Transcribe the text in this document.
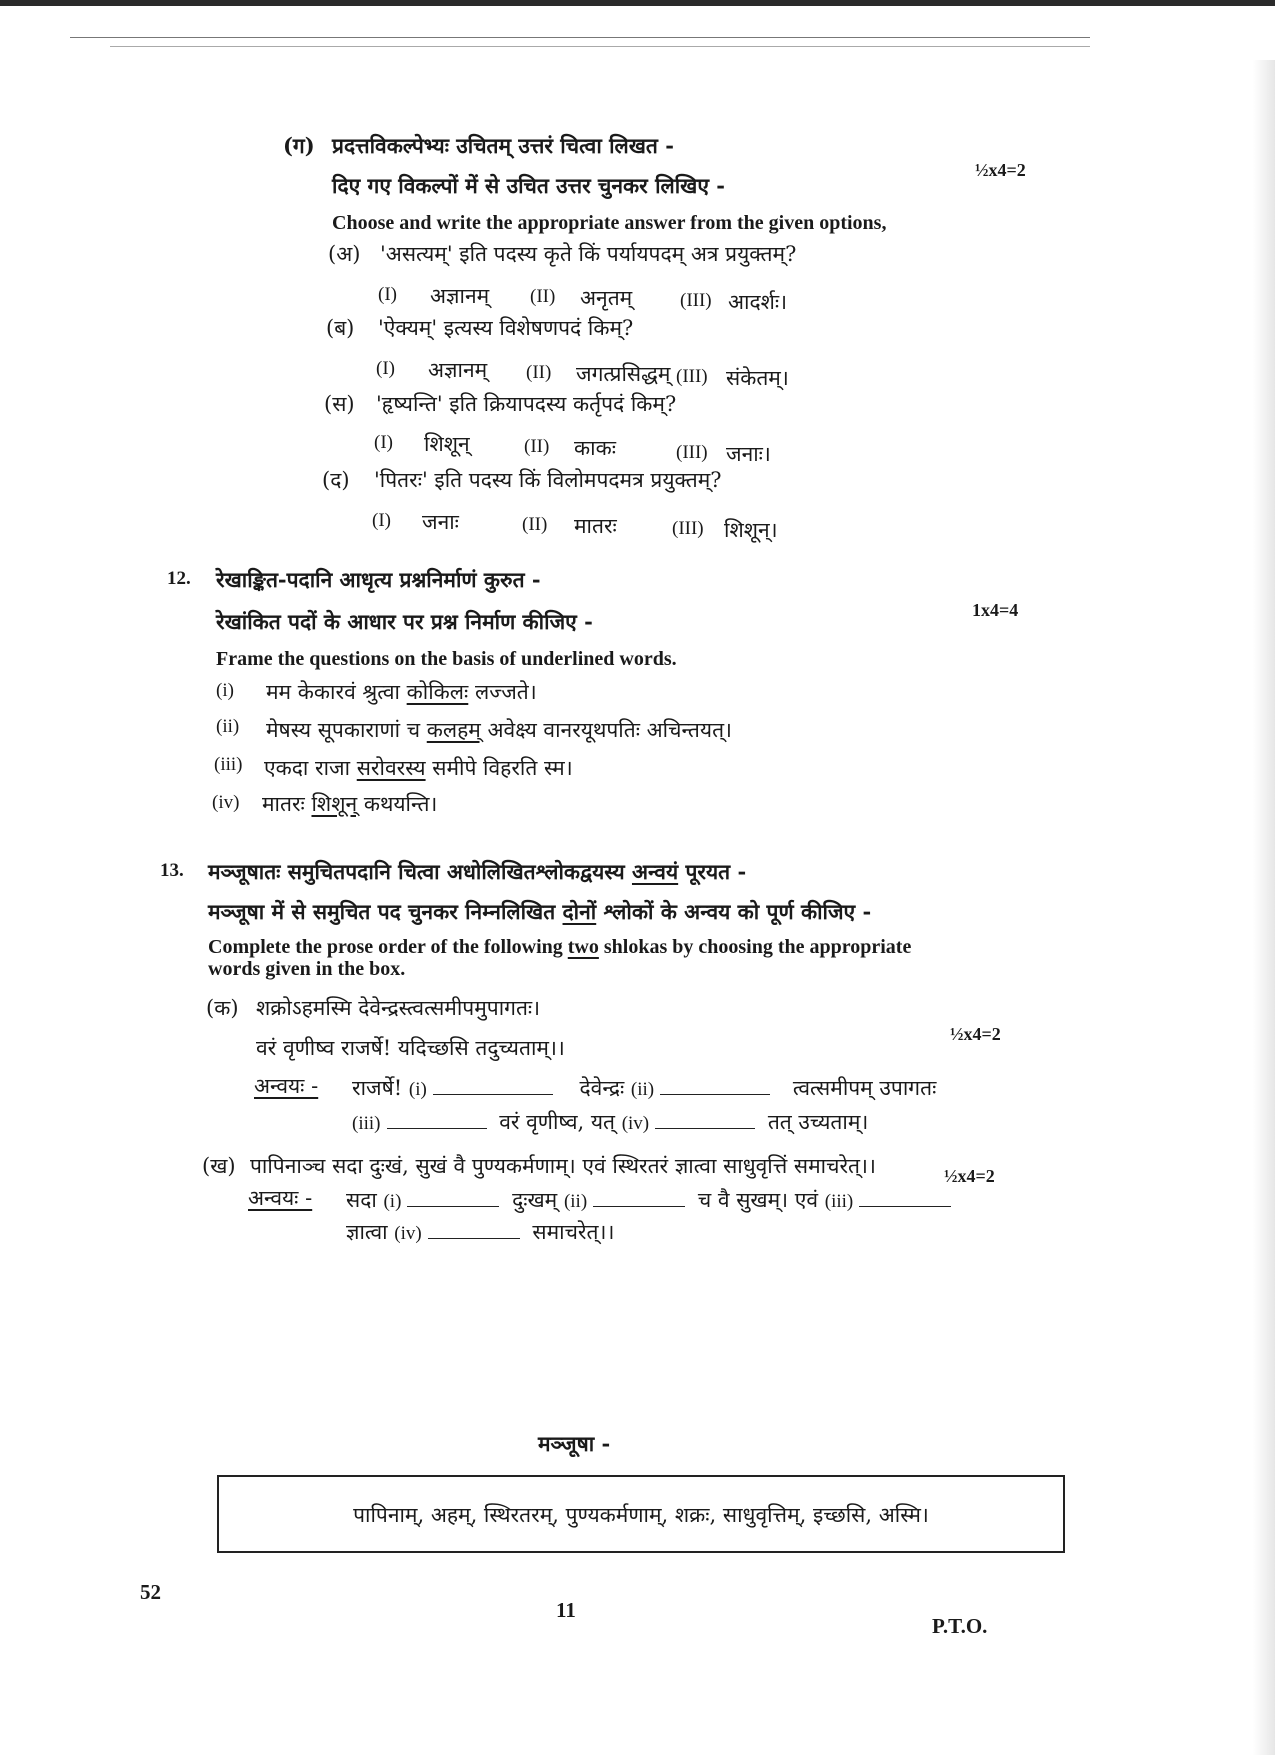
(ग) प्रदत्तविकल्पेभ्यः उचितम् उत्तरं चित्वा लिखत -
½x4=2
दिए गए विकल्पों में से उचित उत्तर चुनकर लिखिए -
Choose and write the appropriate answer from the given options,
(अ) 'असत्यम्' इति पदस्य कृते किं पर्यायपदम् अत्र प्रयुक्तम्?
(I) अज्ञानम् (II) अनृतम्	(III) आदर्शः।
(ब) 'ऐक्यम्' इत्यस्य विशेषणपदं किम्?
(I) अज्ञानम् (II) जगत्प्रसिद्धम् (III) संकेतम्।
(स) 'हृष्यन्ति' इति क्रियापदस्य कर्तृपदं किम्?
(I) शिशून्	(II) काकः	(III) जनाः।
(द) 'पितरः' इति पदस्य किं विलोमपदमत्र प्रयुक्तम्?
(I) जनाः	(II) मातरः	(III) शिशून्।
12. रेखाङ्कित-पदानि आधृत्य प्रश्ननिर्माणं कुरुत -
1x4=4
रेखांकित पदों के आधार पर प्रश्न निर्माण कीजिए -
Frame the questions on the basis of underlined words.
(i) मम केकारवं श्रुत्वा कोकिलः लज्जते।
(ii) मेषस्य सूपकाराणां च कलहम् अवेक्ष्य वानरयूथपतिः अचिन्तयत्।
(iii) एकदा राजा सरोवरस्य समीपे विहरति स्म।
(iv) मातरः शिशून् कथयन्ति।
13. मञ्जूषातः समुचितपदानि चित्वा अधोलिखितश्लोकद्वयस्य अन्वयं पूरयत -
मञ्जूषा में से समुचित पद चुनकर निम्नलिखित दोनों श्लोकों के अन्वय को पूर्ण कीजिए -
Complete the prose order of the following two shlokas by choosing the appropriate
words given in the box.
(क) शक्रोऽहमस्मि देवेन्द्रस्त्वत्समीपमुपागतः।
½x4=2
वरं वृणीष्व राजर्षे! यदिच्छसि तदुच्यताम्।।
अन्वयः - राजर्षे! (i)	देवेन्द्रः (ii)	त्वत्समीपम् उपागतः
(iii)	वरं वृणीष्व, यत् (iv)	तत् उच्यताम्।
(ख) पापिनाञ्च सदा दुःखं, सुखं वै पुण्यकर्मणाम्। एवं स्थिरतरं ज्ञात्वा साधुवृत्तिं समाचरेत्।।	½x4=2
अन्वयः - सदा (i)	दुःखम् (ii)	च वै सुखम्। एवं (iii)
ज्ञात्वा (iv)	समाचरेत्।।
मञ्जूषा -
पापिनाम्, अहम्, स्थिरतरम्, पुण्यकर्मणाम्, शक्रः, साधुवृत्तिम्, इच्छसि, अस्मि।
52
11
P.T.O.
